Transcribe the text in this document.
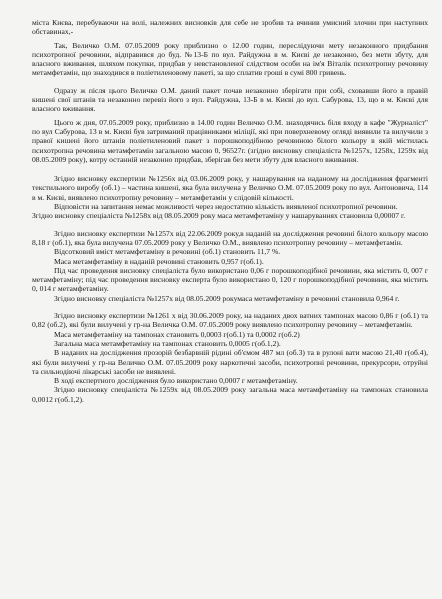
міста Києва, перебуваючи на волі, належних висновків для себе не зробив та вчинив умисний злочин при наступних обставинах,-

Так, Величко О.М. 07.05.2009 року приблизно о 12.00 годин, переслідуючи мету незаконного придбання психотропної речовини, відправився до буд. №13-Б по вул. Райдужна в м. Києві де незаконно, без мети збуту, для власного вживання, шляхом покупки, придбав у невстановленої слідством особи на ім'я Віталік психотропну речовину метамфетамін, що знаходився в поліетиленовому пакеті, за що сплатив гроші в сумі 800 гривень.

Одразу ж після цього Величко О.М. даний пакет почав незаконно зберігати при собі, сховавши його в правій кишені свої штанів та незаконно перевіз його з вул. Райдужна, 13-Б в м. Києві до вул. Сабурова, 13, що в м. Києві для власного вживання.

Цього ж дня, 07.05.2009 року, приблизно в 14.00 годин Величко О.М. знаходячись біля входу в кафе "Журналіст" по вул Сабурова, 13 в м. Києві був затриманий працівниками міліції, які при поверхневому огляді виявили та вилучили з правої кишені його штанів поліетиленовий пакет з порошкоподібною речовиною білого кольору в якій містилась психотропна речовина метамфетамін загальною масою 0, 96527г. (згідно висновку спеціаліста №1257х, 1258х, 1259х від 08.05.2009 року), котру останній незаконно придбав, зберігав без мети збуту для власного вживання.

Згідно висновку експертизи №1256х від 03.06.2009 року, у нашарування на наданому на дослідження фрагменті текстильного виробу (об.1) – частина кишені, яка була вилучена у Величко О.М. 07.05.2009 року по вул. Антоновича, 114 в м. Києві, виявлено психотропну речовину – метамфетамін у слідовій кількості.

Відповісти на запитання немає можливості через недостатню кількість виявленої психотропної речовини.

Згідно висновку спеціаліста №1258х від 08.05.2009 року маса метамфетаміну у нашаруваннях становила 0,00007 г.

Згідно висновку експертизи №1257х від 22.06.2009 року,в наданій на дослідження речовині білого кольору масою 8,18 г (об.1), яка була вилучена 07.05.2009 року у Величко О.М., виявлено психотропну речовину – метамфетамін.

Відсотковий вміст метамфетаміну в речовині (об.1) становить 11,7 %.

Маса метамфетаміну в наданій речовині становить 0,957 г(об.1).

Під час проведення висновку спеціаліста було використано 0,06 г порошкоподібної речовини, яка містить 0, 007 г метамфетаміну; під час проведення висновку експерта було використано 0, 120 г порошкоподібної речовини, яка містить 0, 014 г метамфетаміну.

Згідно висновку спеціаліста №1257х від 08.05.2009 рокумаса метамфетаміну в речовині становила 0,964 г.

Згідно висновку експертизи №1261 х від 30.06.2009 року, на наданих двох ватних тампонах масою 0,86 г (об.1) та 0,82 (об.2), які були вилучені у гр-на Величка О.М. 07.05.2009 року виявлено психотропну речовину – метамфетамін.

Маса метамфетаміну на тампонах становить 0,0003 г(об.1) та 0,0002 г(об.2)

Загальна маса метамфетаміну на тампонах становить 0,0005 г(об.1,2).

В наданих на дослідження прозорій безбарвній рідині об'ємом 487 мл (об.3) та в рулоні вати масою 21,40 г(об.4), які були вилучені у гр-на Величко О.М. 07.05.2009 року наркотичні засоби, психотропні речовини, прекурсори, отруйні та сильнодіючі лікарські засоби не виявлені.

В ході експертного дослідження було використано 0,0007 г метамфетаміну.

Згідно висновку спеціаліста №1259х від 08.05.2009 року загальна маса метамфетаміну на тампонах становила 0,0012 г(об.1,2).
